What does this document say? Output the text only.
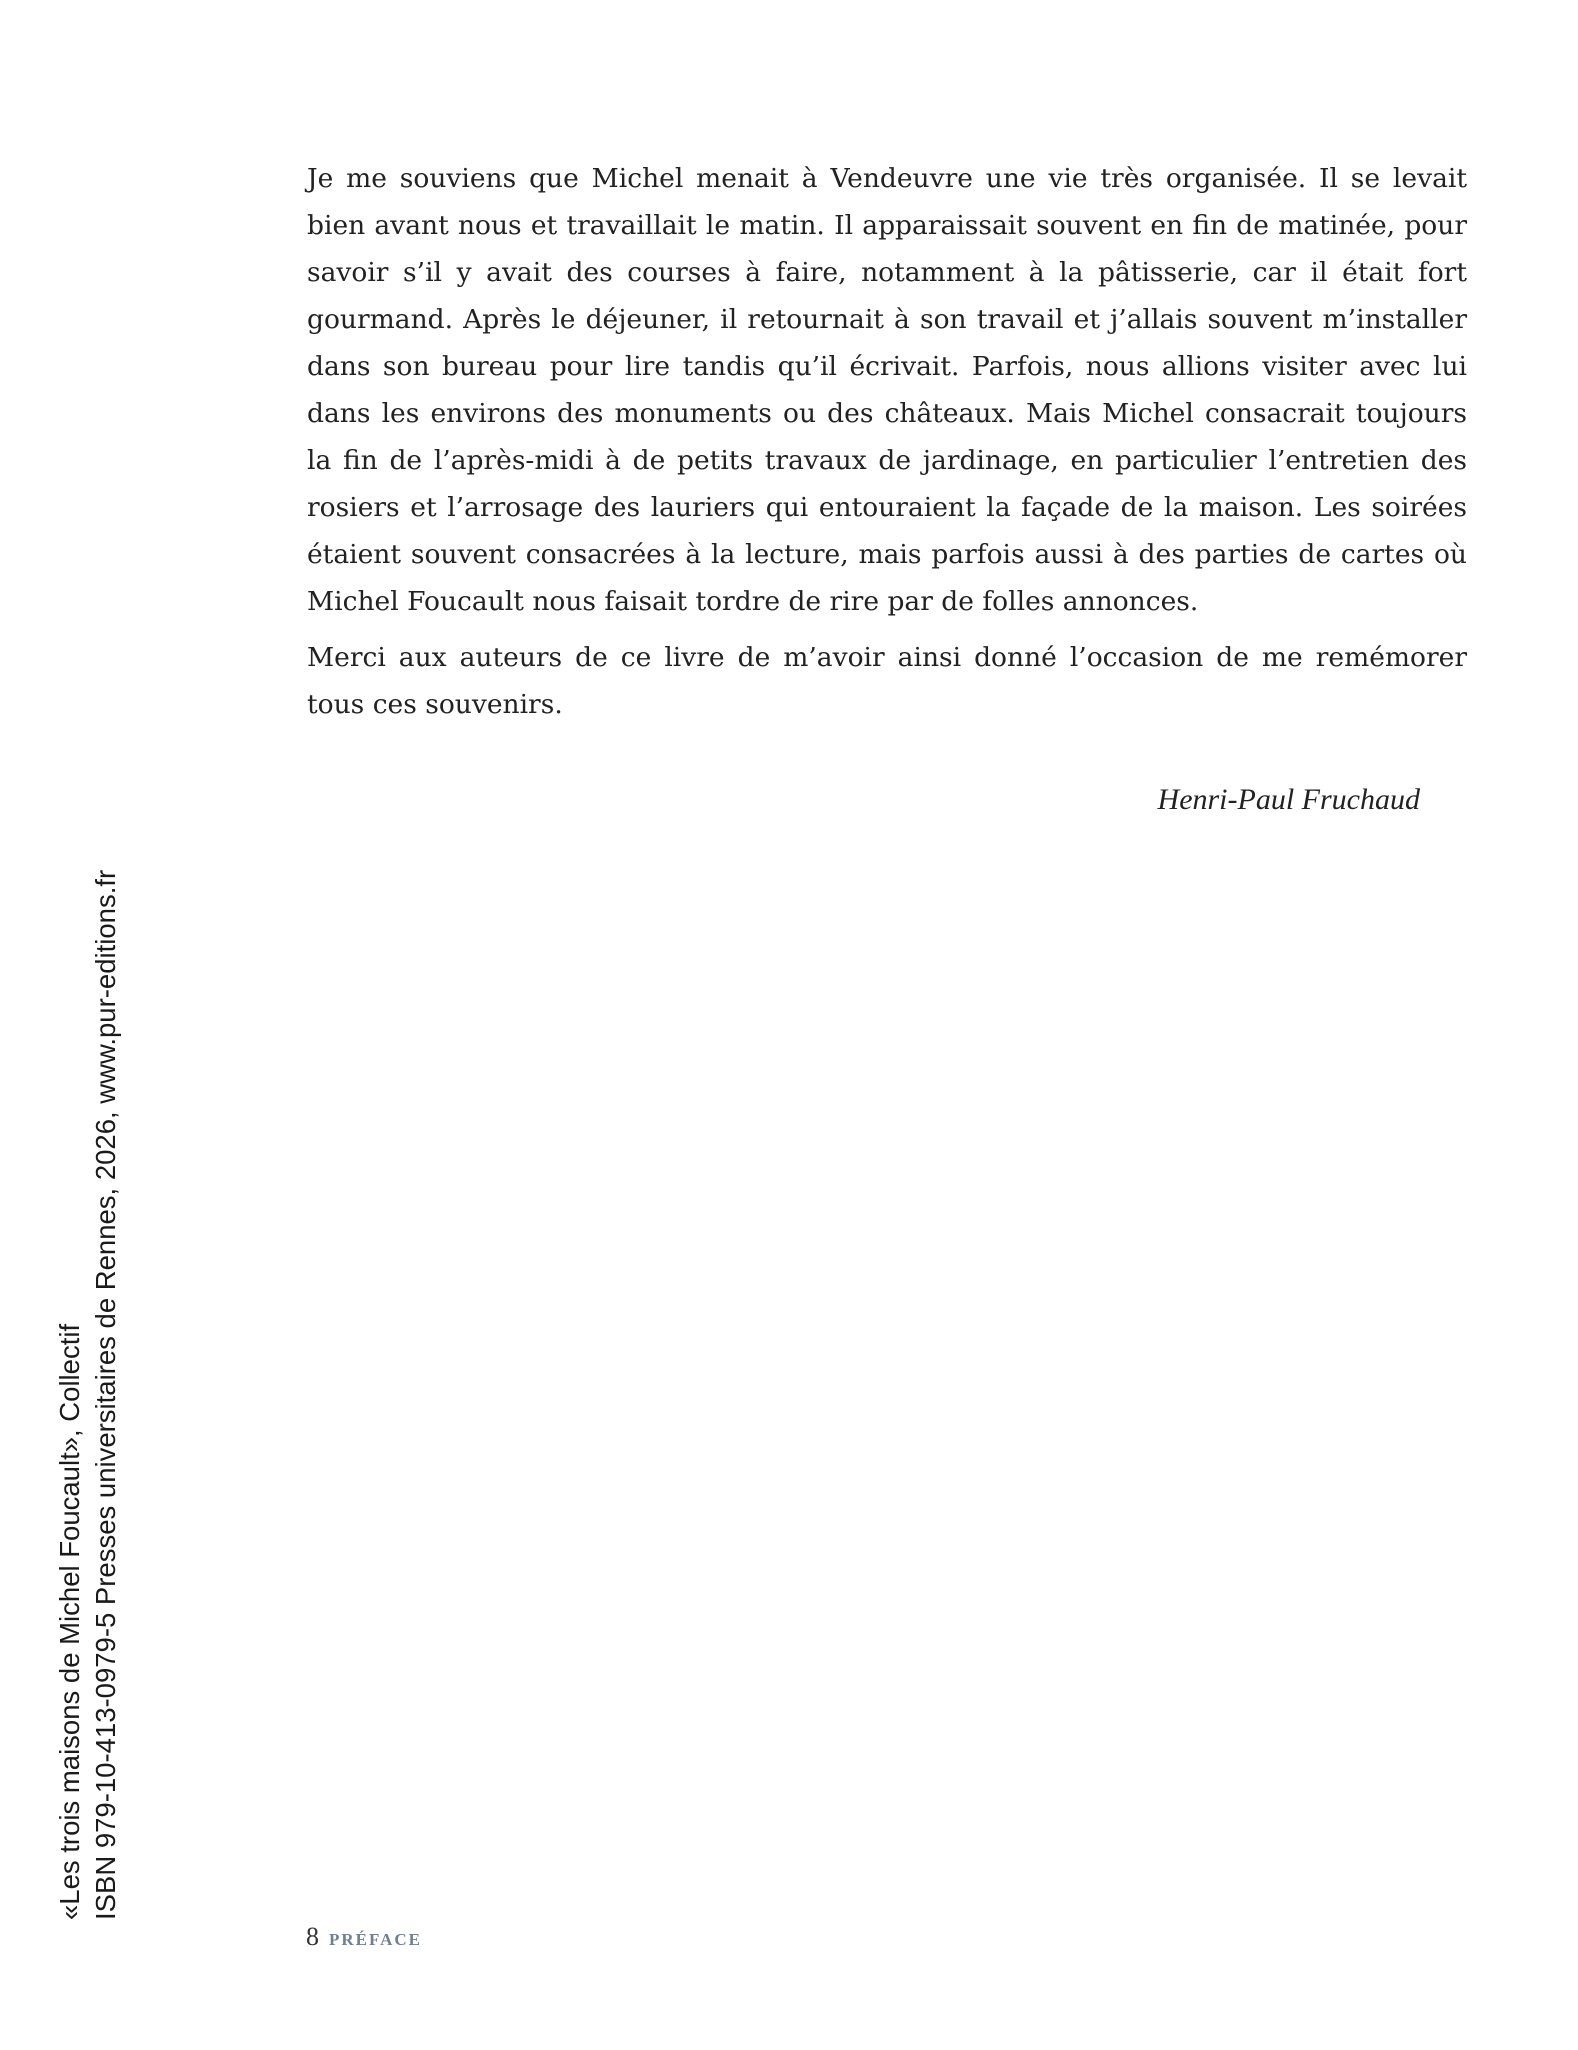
Je me souviens que Michel menait à Vendeuvre une vie très organisée. Il se levait bien avant nous et travaillait le matin. Il apparaissait souvent en fin de matinée, pour savoir s’il y avait des courses à faire, notamment à la pâtisserie, car il était fort gourmand. Après le déjeuner, il retournait à son travail et j’allais souvent m’installer dans son bureau pour lire tandis qu’il écrivait. Parfois, nous allions visiter avec lui dans les environs des monuments ou des châteaux. Mais Michel consacrait toujours la fin de l’après-midi à de petits travaux de jardinage, en particulier l’entretien des rosiers et l’arrosage des lauriers qui entouraient la façade de la maison. Les soirées étaient souvent consacrées à la lecture, mais parfois aussi à des parties de cartes où Michel Foucault nous faisait tordre de rire par de folles annonces.

Merci aux auteurs de ce livre de m’avoir ainsi donné l’occasion de me remémorer tous ces souvenirs.

Henri-Paul Fruchaud
«Les trois maisons de Michel Foucault», Collectif ISBN 979-10-413-0979-5 Presses universitaires de Rennes, 2026, www.pur-editions.fr
8 PRÉFACE
